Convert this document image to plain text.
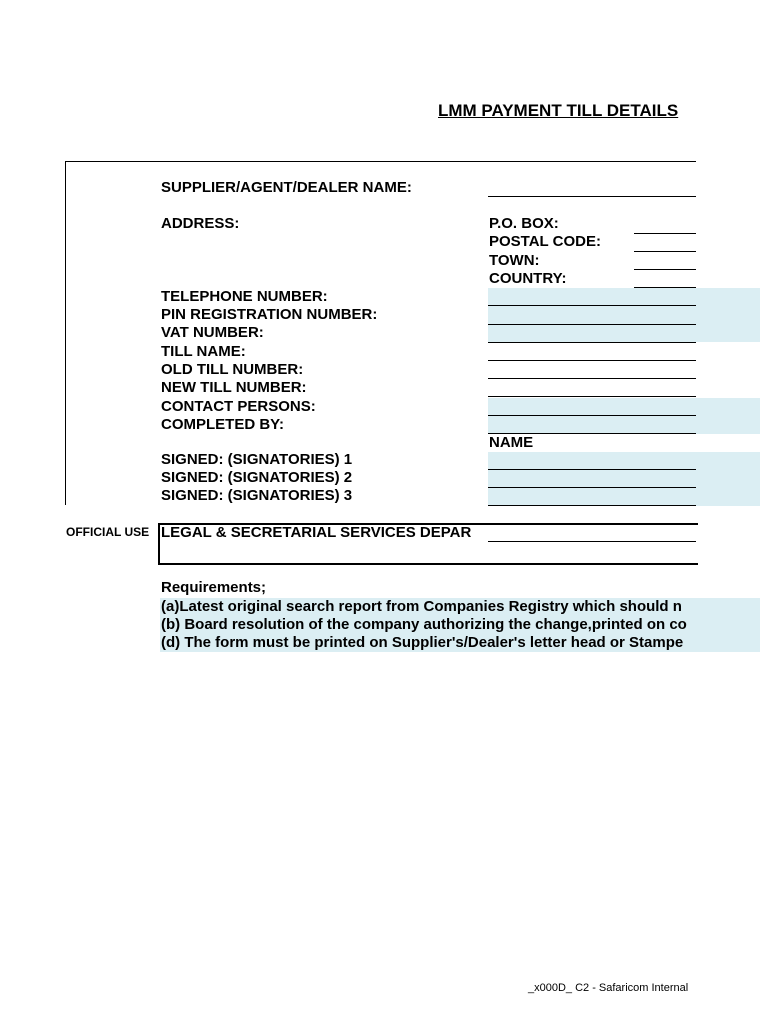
LMM PAYMENT TILL DETAILS
SUPPLIER/AGENT/DEALER NAME:
ADDRESS:
TELEPHONE NUMBER:
PIN REGISTRATION NUMBER:
VAT NUMBER:
TILL NAME:
OLD TILL NUMBER:
NEW TILL NUMBER:
CONTACT PERSONS:
COMPLETED BY:
SIGNED: (SIGNATORIES) 1
SIGNED: (SIGNATORIES) 2
SIGNED: (SIGNATORIES) 3
P.O. BOX:
POSTAL CODE:
TOWN:
COUNTRY:
NAME
OFFICIAL USE LEGAL & SECRETARIAL SERVICES DEPAR
Requirements;
(a)Latest original search report from Companies Registry which should n
(b) Board resolution of the company authorizing the change,printed on co
(d) The form must be printed on Supplier's/Dealer's letter head or Stampe
_x000D_ C2 - Safaricom Internal
